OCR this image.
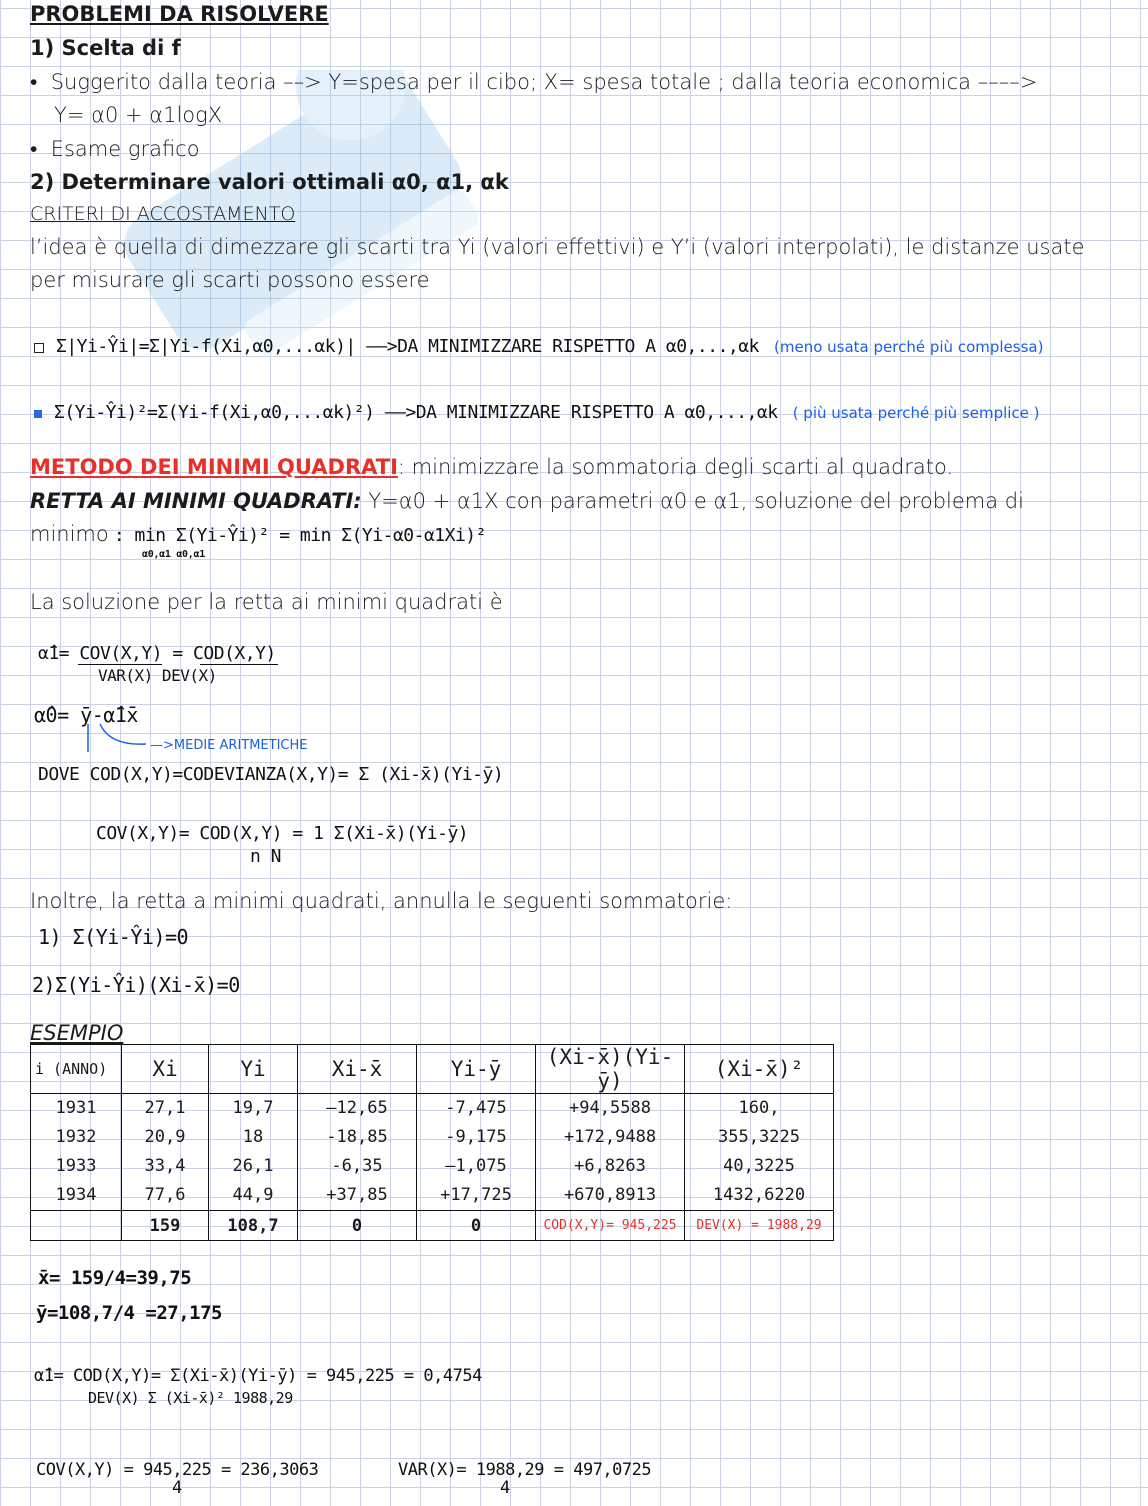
PROBLEMI DA RISOLVERE
1) Scelta di f
• Suggerito dalla teoria ––> Y=spesa per il cibo; X= spesa totale ; dalla teoria economica ––––>
Y= α0 + α1logX
• Esame grafico
2) Determinare valori ottimali α0, α1, αk
CRITERI DI ACCOSTAMENTO
l’idea è quella di dimezzare gli scarti tra Yi (valori effettivi) e Y’i (valori interpolati), le distanze usate
per misurare gli scarti possono essere
Σ|Yi-Ŷi|=Σ|Yi-f(Xi,α0,...αk)| ——>DA MINIMIZZARE RISPETTO A α0,...,αk (meno usata perché più complessa)
Σ(Yi-Ŷi)²=Σ(Yi-f(Xi,α0,...αk)²) ——>DA MINIMIZZARE RISPETTO A α0,...,αk ( più usata perché più semplice )
METODO DEI MINIMI QUADRATI: minimizzare la sommatoria degli scarti al quadrato.
RETTA AI MINIMI QUADRATI: Y=α0 + α1X con parametri α0 e α1, soluzione del problema di
minimo : min Σ(Yi-Ŷi)² = min Σ(Yi-α0-α1Xi)²
α0,α1 α0,α1
La soluzione per la retta ai minimi quadrati è
α̂1= COV(X,Y) = COD(X,Y)
VAR(X) DEV(X)
α̂0= ȳ-α̂1x̄
—>MEDIE ARITMETICHE
DOVE COD(X,Y)=CODEVIANZA(X,Y)= Σ (Xi-x̄)(Yi-ȳ)
COV(X,Y)= COD(X,Y) = 1 Σ(Xi-x̄)(Yi-ȳ)
n N
Inoltre, la retta a minimi quadrati, annulla le seguenti sommatorie:
1) Σ(Yi-Ŷi)=0
2)Σ(Yi-Ŷi)(Xi-x̄)=0
ESEMPIO
i (ANNO)	Xi	Yi	Xi-x̄	Yi-ȳ	(Xi-x̄)(Yi-ȳ)	(Xi-x̄)²
1931	27,1	19,7	–12,65	-7,475	+94,5588	160,
1932	20,9	18	-18,85	-9,175	+172,9488	355,3225
1933	33,4	26,1	-6,35	–1,075	+6,8263	40,3225
1934	77,6	44,9	+37,85	+17,725	+670,8913	1432,6220
	159	108,7	0	0	COD(X,Y)= 945,225	DEV(X) = 1988,29
x̄= 159/4=39,75
ȳ=108,7/4 =27,175
α̂1= COD(X,Y)= Σ(Xi-x̄)(Yi-ȳ) = 945,225 = 0,4754
DEV(X) Σ (Xi-x̄)² 1988,29
COV(X,Y) = 945,225 = 236,3063
4
VAR(X)= 1988,29 = 497,0725
4
